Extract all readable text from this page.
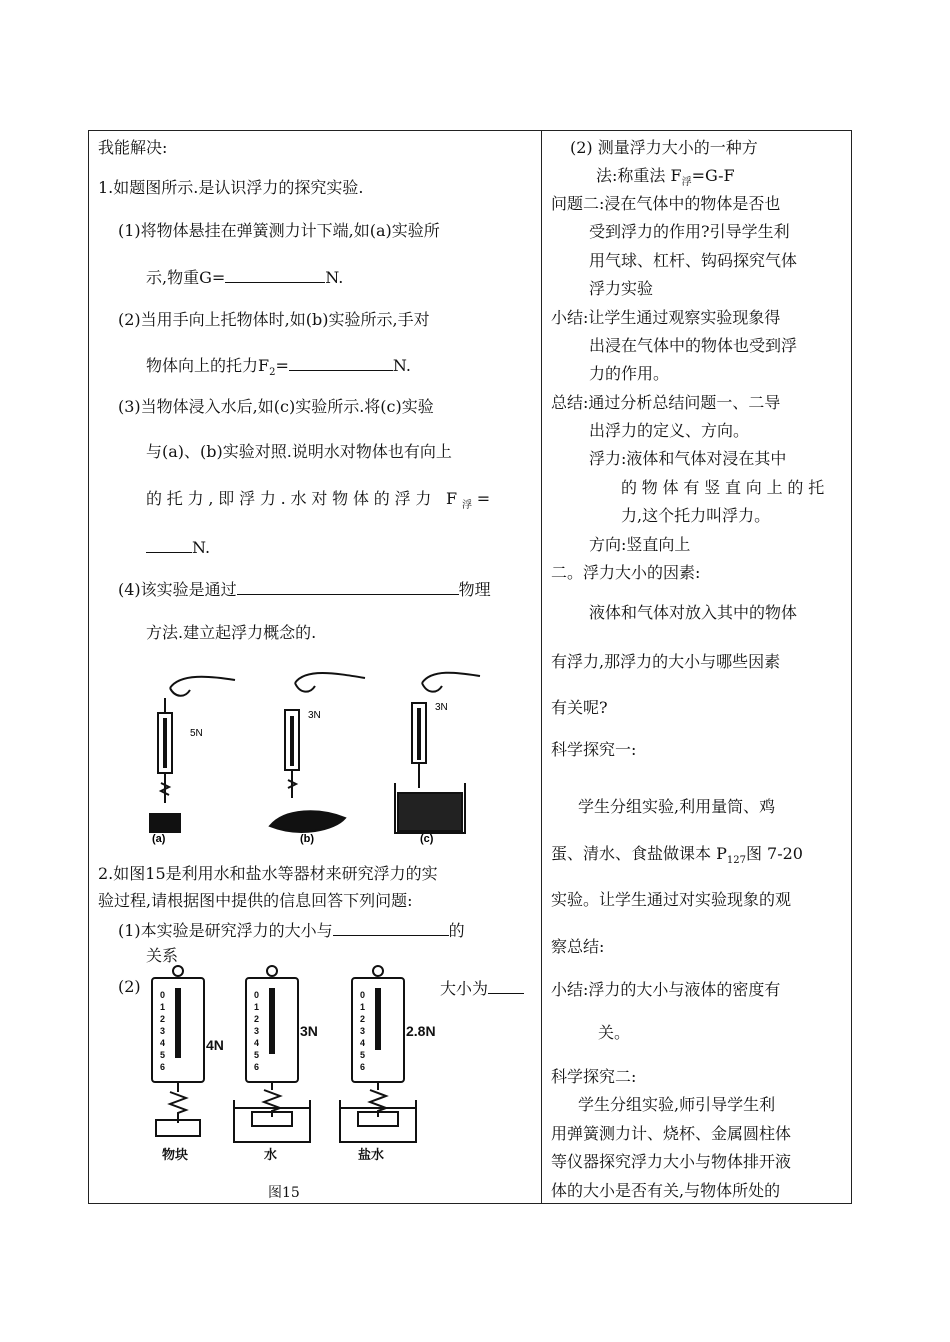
我能解决:
1.如题图所示.是认识浮力的探究实验.
(1)将物体悬挂在弹簧测力计下端,如(a)实验所
示,物重G=	N.
(2)当用手向上托物体时,如(b)实验所示,手对
物体向上的托力$F_2=$	N.
(3)当物体浸入水后,如(c)实验所示.将(c)实验
与(a)、(b)实验对照.说明水对物体也有向上
的托力,即浮力.水对物体的浮力 $F_浮=$
N.
(4)该实验是通过	物理
方法.建立起浮力概念的.
5N
3N
3N
(a)	(b)	(c)
2.如图15是利用水和盐水等器材来研究浮力的实
验过程,请根据图中提供的信息回答下列问题:
(1)本实验是研究浮力的大小与	的
关系
(2)	大小为
4N
3N	2.8N
0
1
2
3
4
5
6
0
1
2
3
4
5
6
0
1
2
3
4
5
6
物块	水	盐水
图15
(2) 测量浮力大小的一种方
法:称重法 $F_浮=G-F$
问题二:浸在气体中的物体是否也
受到浮力的作用?引导学生利
用气球、杠杆、钩码探究气体
浮力实验
小结:让学生通过观察实验现象得
出浸在气体中的物体也受到浮
力的作用。
总结:通过分析总结问题一、二导
出浮力的定义、方向。
浮力:液体和气体对浸在其中
的物体有竖直向上的托
力,这个托力叫浮力。
方向:竖直向上
二。浮力大小的因素:
液体和气体对放入其中的物体
有浮力,那浮力的大小与哪些因素
有关呢?
科学探究一:
学生分组实验,利用量筒、鸡
蛋、清水、食盐做课本 $P_{127}$图 7-20
实验。让学生通过对实验现象的观
察总结:
小结:浮力的大小与液体的密度有
关。
科学探究二:
学生分组实验,师引导学生利
用弹簧测力计、烧杯、金属圆柱体
等仪器探究浮力大小与物体排开液
体的大小是否有关,与物体所处的
